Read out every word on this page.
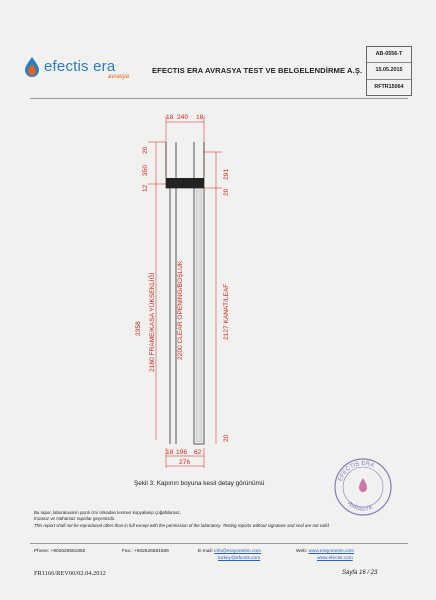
efectis era
avrasya
EFECTIS ERA AVRASYA TEST VE BELGELENDİRME A.Ş.
AB-0556-T
15.05.2015
RFTR15064
18 240 18
20
350
12
2358	2180 FRAME/KASA YÜKSEKLİĞİ	2200 CLEAR OPENING/BOŞLUK
291
20
2127 KANAT/LEAF
20
18 196 62
276
Şekil 3: Kapının boyuna kesit detay görünümü
EFECTIS ERA
AVRASYA
Bu rapor, laboratuvarın yazılı izni olmadan kısmen kopyalanıp çoğaltılamaz.
İmzasız ve mühürsüz raporlar geçersizdir.
This report shall not be reproduced other than in full except with the permission of the laboratory. Testing reports without signature and seal are not valid
Phone: +902626581662	Fax.: +902626581669	E-mail: info@erayonetim.com
turkey@efectis.com
Web: www.erayonetim.com
www.efectis.com
FR1166/REV00/02.04.2012	Sayfa 16 / 23
